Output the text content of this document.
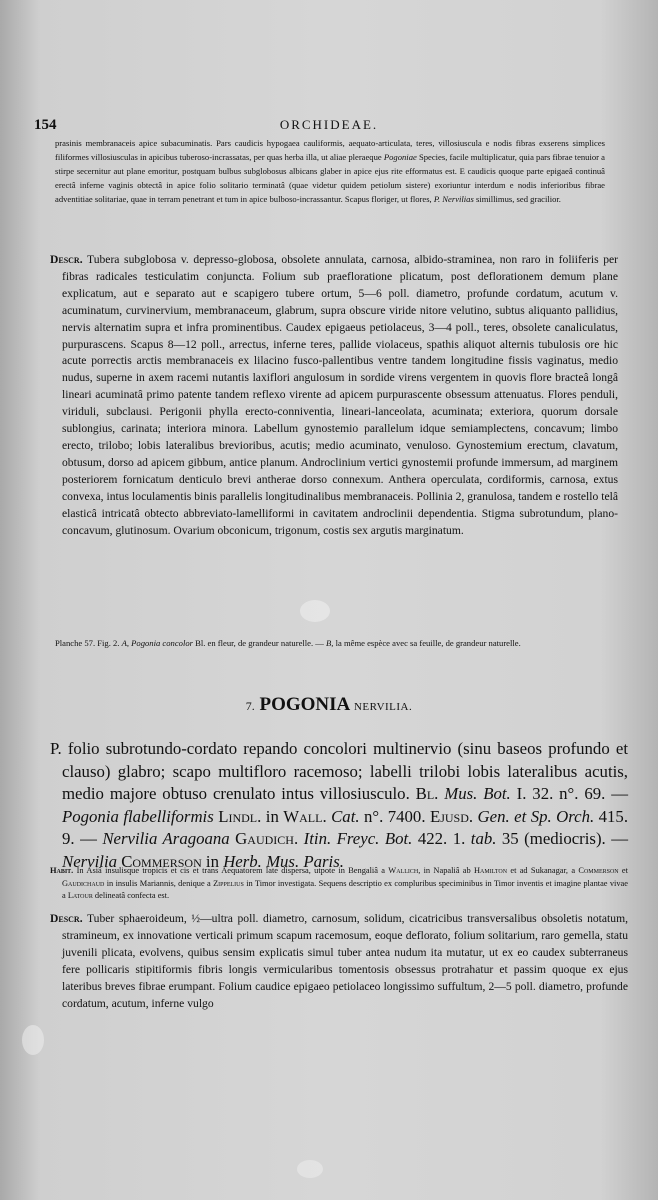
154	ORCHIDEAE.
prasinis membranaceis apice subacuminatis. Pars caudicis hypogaea cauliformis, aequato-articulata, teres, villosiuscula e nodis fibras exserens simplices filiformes villosiusculas in apicibus tuberoso-incrassatas, per quas herba illa, ut aliae pleraeque Pogoniae Species, facile multiplicatur, quia pars fibrae tenuior a stirpe secernitur aut plane emoritur, postquam bulbus subglobosus albicans glaber in apice ejus rite efformatus est. E caudicis quoque parte epigaeâ continuâ erectâ inferne vaginis obtectâ in apice folio solitario terminatâ (quae videtur quidem petiolum sistere) exoriuntur interdum e nodis inferioribus fibrae adventitiae solitariae, quae in terram penetrant et tum in apice bulboso-incrassantur. Scapus floriger, ut flores, P. Nervilias simillimus, sed gracilior.
Descr. Tubera subglobosa v. depresso-globosa, obsolete annulata, carnosa, albido-straminea, non raro in foliiferis per fibras radicales testiculatim conjuncta. Folium sub praefloratione plicatum, post deflorationem demum plane explicatum, aut e separato aut e scapigero tubere ortum, 5—6 poll. diametro, profunde cordatum, acutum v. acuminatum, curvinervium, membranaceum, glabrum, supra obscure viride nitore velutino, subtus aliquanto pallidius, nervis alternatim supra et infra prominentibus. Caudex epigaeus petiolaceus, 3—4 poll., teres, obsolete canaliculatus, purpurascens. Scapus 8—12 poll., arrectus, inferne teres, pallide violaceus, spathis aliquot alternis tubulosis ore hic acute porrectis arctis membranaceis ex lilacino fusco-pallentibus ventre tandem longitudine fissis vaginatus, medio nudus, superne in axem racemi nutantis laxiflori angulosum in sordide virens vergentem in quovis flore bracteâ longâ lineari acuminatâ primo patente tandem reflexo virente ad apicem purpurascente obsessum attenuatus. Flores penduli, viriduli, subclausi. Perigonii phylla erecto-conniventia, lineari-lanceolata, acuminata; exteriora, quorum dorsale sublongius, carinata; interiora minora. Labellum gynostemio parallelum idque semiamplectens, concavum; limbo erecto, trilobo; lobis lateralibus brevioribus, acutis; medio acuminato, venuloso. Gynostemium erectum, clavatum, obtusum, dorso ad apicem gibbum, antice planum. Androclinium vertici gynostemii profunde immersum, ad marginem posteriorem fornicatum denticulo brevi antherae dorso connexum. Anthera operculata, cordiformis, carnosa, extus convexa, intus loculamentis binis parallelis longitudinalibus membranaceis. Pollinia 2, granulosa, tandem e rostello telâ elasticâ intricatâ obtecto abbreviato-lamelliformi in cavitatem androclinii dependentia. Stigma subrotundum, plano-concavum, glutinosum. Ovarium obconicum, trigonum, costis sex argutis marginatum.
Planche 57. Fig. 2. A, Pogonia concolor Bl. en fleur, de grandeur naturelle. — B, la même espèce avec sa feuille, de grandeur naturelle.
7. POGONIA NERVILIA.
P. folio subrotundo-cordato repando concolori multinervio (sinu baseos profundo et clauso) glabro; scapo multifloro racemoso; labelli trilobi lobis lateralibus acutis, medio majore obtuso crenulato intus villosiusculo. Bl. Mus. Bot. I. 32. n°. 69. — Pogonia flabelliformis Lindl. in Wall. Cat. n°. 7400. Ejusd. Gen. et Sp. Orch. 415. 9. — Nervilia Aragoana Gaudich. Itin. Freyc. Bot. 422. 1. tab. 35 (mediocris). — Nervilia Commerson in Herb. Mus. Paris.
Habit. In Asiâ insulisque tropicis et cis et trans Aequatorem late dispersa, utpote in Bengaliâ a Wallich, in Napaliâ ab Hamilton et ad Sukanagar, a Commerson et Gaudichaud in insulis Mariannis, denique a Zippelius in Timor investigata. Sequens descriptio ex compluribus speciminibus in Timor inventis et imagine plantae vivae a Latour delineatâ confecta est.
Descr. Tuber sphaeroideum, ½—ultra poll. diametro, carnosum, solidum, cicatricibus transversalibus obsoletis notatum, stramineum, ex innovatione verticali primum scapum racemosum, eoque deflorato, folium solitarium, raro gemella, statu juvenili plicata, evolvens, quibus sensim explicatis simul tuber antea nudum ita mutatur, ut ex eo caudex subterraneus fere pollicaris stipitiformis fibris longis vermicularibus tomentosis obsessus protrahatur et passim quoque ex ejus lateribus breves fibrae erumpant. Folium caudice epigaeo petiolaceo longissimo suffultum, 2—5 poll. diametro, profunde cordatum, acutum, inferne vulgo
